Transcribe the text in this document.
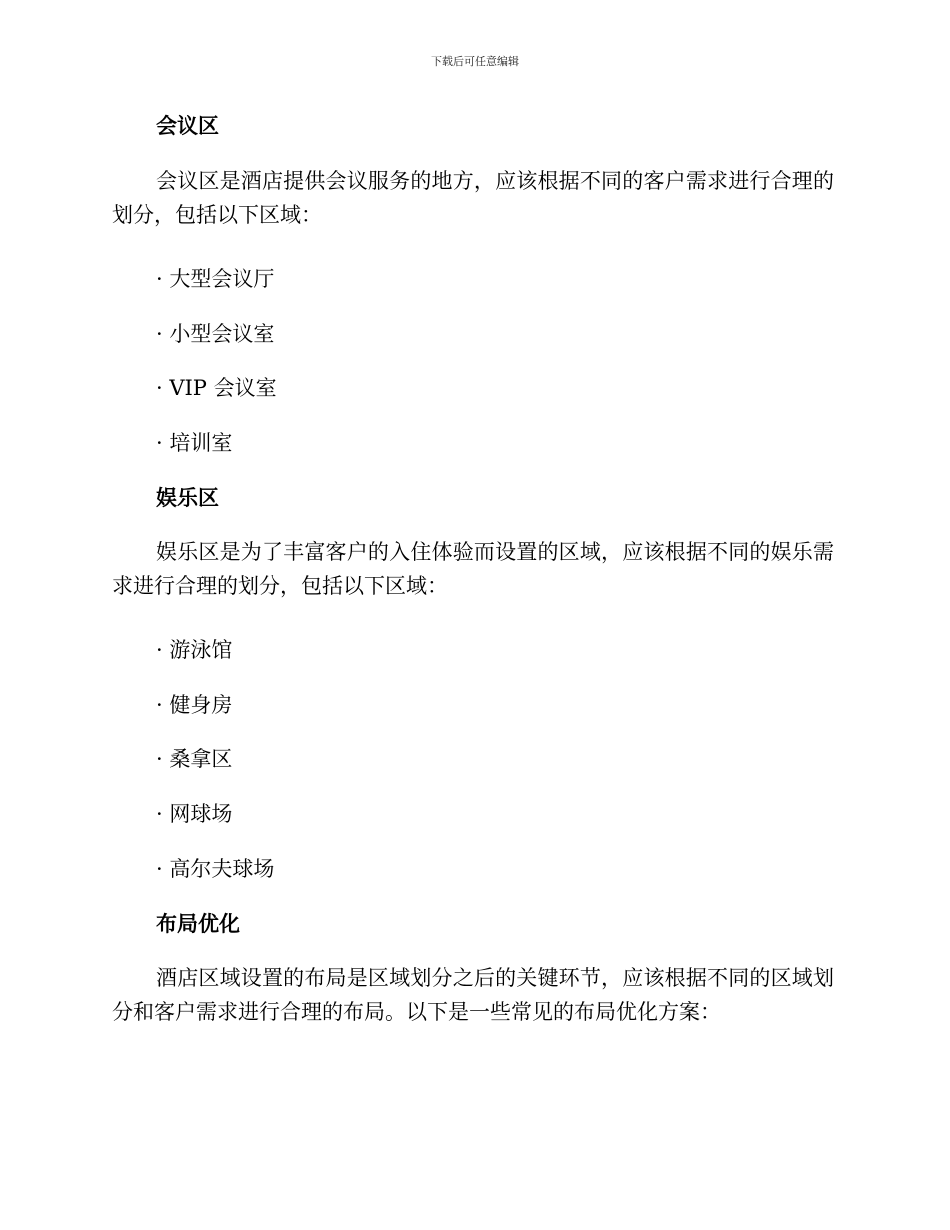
下载后可任意编辑
会议区
会议区是酒店提供会议服务的地方，应该根据不同的客户需求进行合理的划分，包括以下区域：
· 大型会议厅
· 小型会议室
· VIP 会议室
· 培训室
娱乐区
娱乐区是为了丰富客户的入住体验而设置的区域，应该根据不同的娱乐需求进行合理的划分，包括以下区域：
· 游泳馆
· 健身房
· 桑拿区
· 网球场
· 高尔夫球场
布局优化
酒店区域设置的布局是区域划分之后的关键环节，应该根据不同的区域划分和客户需求进行合理的布局。以下是一些常见的布局优化方案：
